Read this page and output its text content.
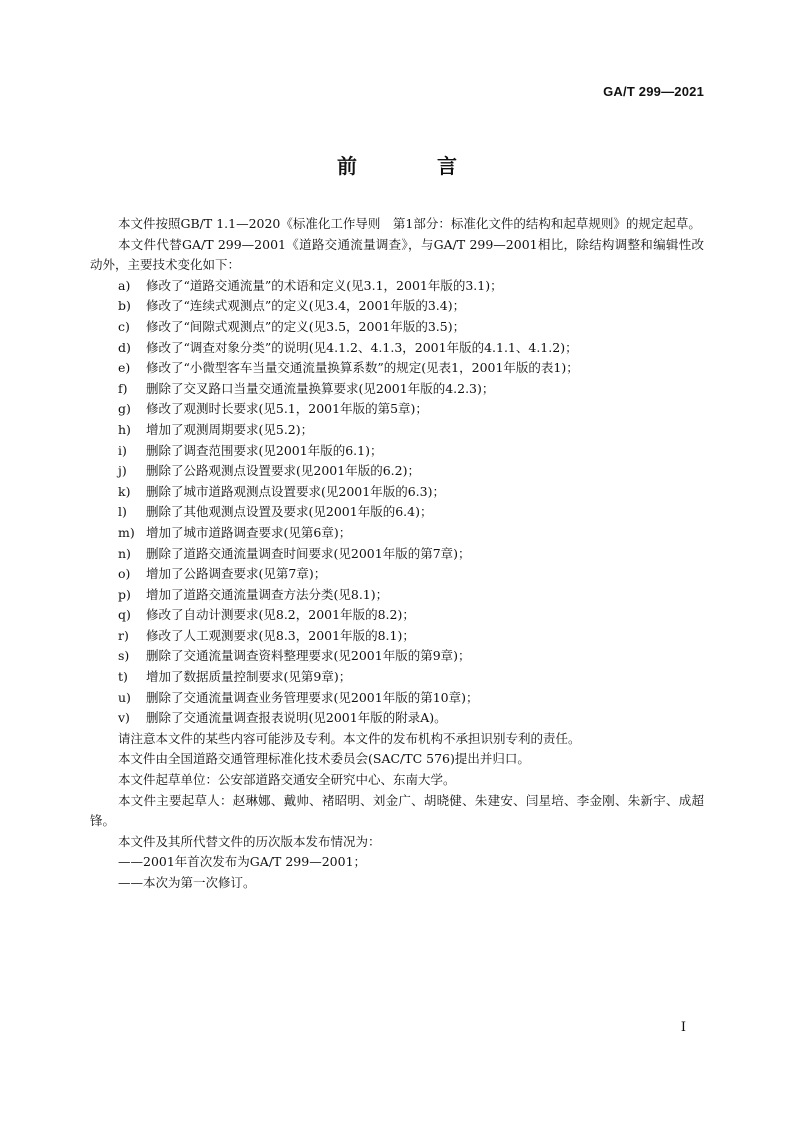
GA/T 299—2021
前　言

本文件按照GB/T 1.1—2020《标准化工作导则　第1部分：标准化文件的结构和起草规则》的规定起草。

本文件代替GA/T 299—2001《道路交通流量调查》，与GA/T 299—2001相比，除结构调整和编辑性改动外，主要技术变化如下：

a)	修改了“道路交通流量”的术语和定义(见3.1，2001年版的3.1)；
b)	修改了“连续式观测点”的定义(见3.4，2001年版的3.4)；
c)	修改了“间隙式观测点”的定义(见3.5，2001年版的3.5)；
d)	修改了“调查对象分类”的说明(见4.1.2、4.1.3，2001年版的4.1.1、4.1.2)；
e)	修改了“小微型客车当量交通流量换算系数”的规定(见表1，2001年版的表1)；
f)	删除了交叉路口当量交通流量换算要求(见2001年版的4.2.3)；
g)	修改了观测时长要求(见5.1，2001年版的第5章)；
h)	增加了观测周期要求(见5.2)；
i)	删除了调查范围要求(见2001年版的6.1)；
j)	删除了公路观测点设置要求(见2001年版的6.2)；
k)	删除了城市道路观测点设置要求(见2001年版的6.3)；
l)	删除了其他观测点设置及要求(见2001年版的6.4)；
m) 增加了城市道路调查要求(见第6章)；
n)	删除了道路交通流量调查时间要求(见2001年版的第7章)；
o)	增加了公路调查要求(见第7章)；
p)	增加了道路交通流量调查方法分类(见8.1)；
q)	修改了自动计测要求(见8.2，2001年版的8.2)；
r)	修改了人工观测要求(见8.3，2001年版的8.1)；
s)	删除了交通流量调查资料整理要求(见2001年版的第9章)；
t)	增加了数据质量控制要求(见第9章)；
u)	删除了交通流量调查业务管理要求(见2001年版的第10章)；
v)	删除了交通流量调查报表说明(见2001年版的附录A)。

请注意本文件的某些内容可能涉及专利。本文件的发布机构不承担识别专利的责任。

本文件由全国道路交通管理标准化技术委员会(SAC/TC 576)提出并归口。

本文件起草单位：公安部道路交通安全研究中心、东南大学。

本文件主要起草人：赵琳娜、戴帅、褚昭明、刘金广、胡晓健、朱建安、闫星培、李金刚、朱新宇、成超锋。

本文件及其所代替文件的历次版本发布情况为：

——2001年首次发布为GA/T 299—2001；
——本次为第一次修订。
I
